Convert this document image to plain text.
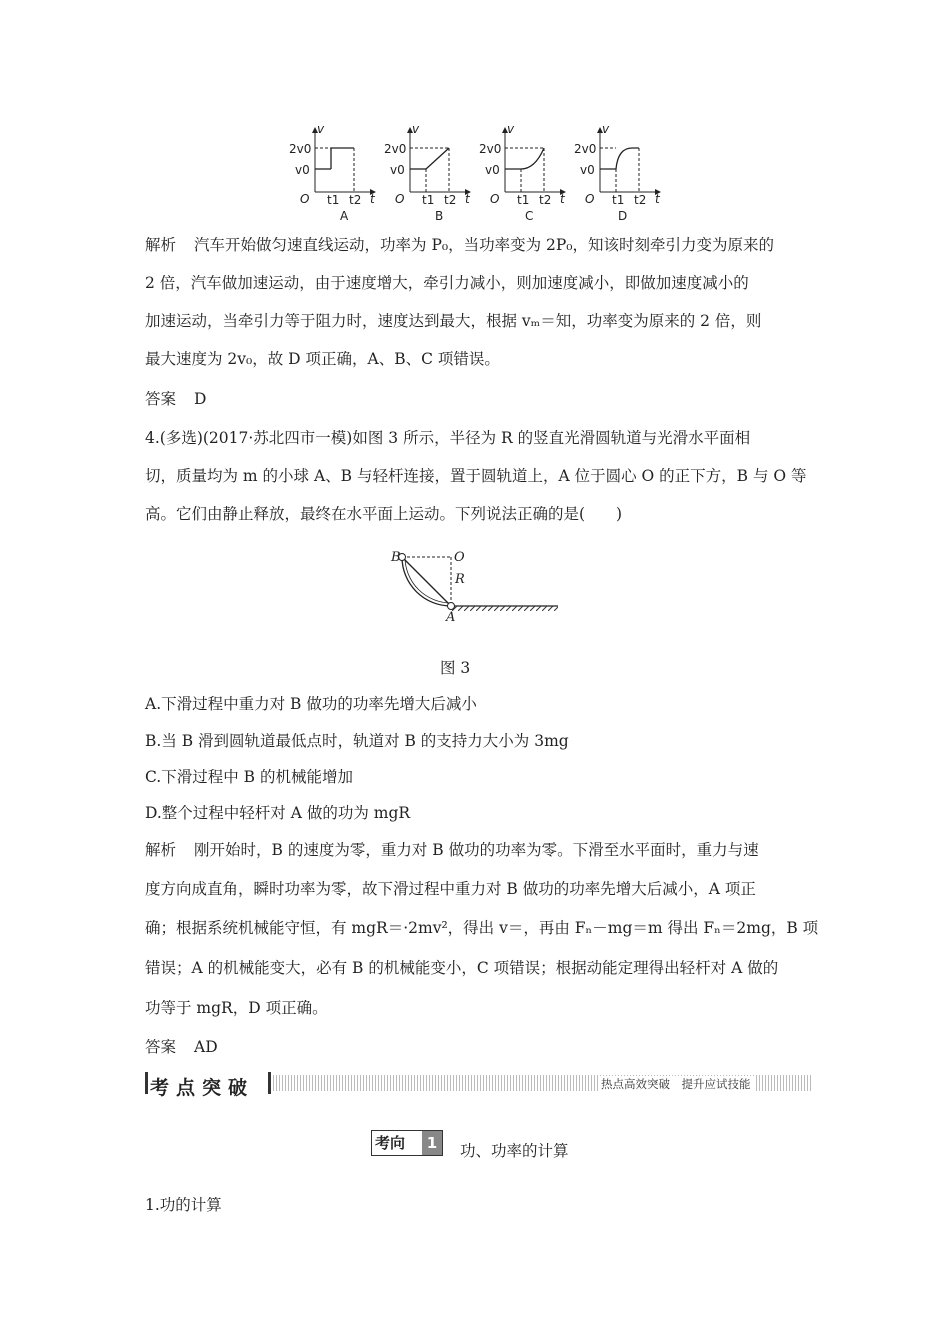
v
t
O
2v0
v0
t1 t2
A
v
t
O
2v0
v0
t1 t2
B
v
t
O
2v0
v0
t1 t2
C
v
t
O
2v0
v0
t1 t2
D
解析 汽车开始做匀速直线运动，功率为 P₀，当功率变为 2P₀，知该时刻牵引力变为原来的
2 倍，汽车做加速运动，由于速度增大，牵引力减小，则加速度减小，即做加速度减小的
加速运动，当牵引力等于阻力时，速度达到最大，根据 vₘ＝知，功率变为原来的 2 倍，则
最大速度为 2v₀，故 D 项正确，A、B、C 项错误。
答案 D
4.(多选)(2017·苏北四市一模)如图 3 所示，半径为 R 的竖直光滑圆轨道与光滑水平面相
切，质量均为 m 的小球 A、B 与轻杆连接，置于圆轨道上，A 位于圆心 O 的正下方，B 与 O 等
高。它们由静止释放，最终在水平面上运动。下列说法正确的是(　　)
B	O
R
A
图 3
A.下滑过程中重力对 B 做功的功率先增大后减小
B.当 B 滑到圆轨道最低点时，轨道对 B 的支持力大小为 3mg
C.下滑过程中 B 的机械能增加
D.整个过程中轻杆对 A 做的功为 mgR
解析 刚开始时，B 的速度为零，重力对 B 做功的功率为零。下滑至水平面时，重力与速
度方向成直角，瞬时功率为零，故下滑过程中重力对 B 做功的功率先增大后减小，A 项正
确；根据系统机械能守恒，有 mgR＝·2mv²，得出 v＝，再由 Fₙ－mg＝m 得出 Fₙ＝2mg，B 项
错误；A 的机械能变大，必有 B 的机械能变小，C 项错误；根据动能定理得出轻杆对 A 做的
功等于 mgR，D 项正确。
答案 AD
考点突破	热点高效突破　提升应试技能
考向	1	功、功率的计算
1.功的计算
